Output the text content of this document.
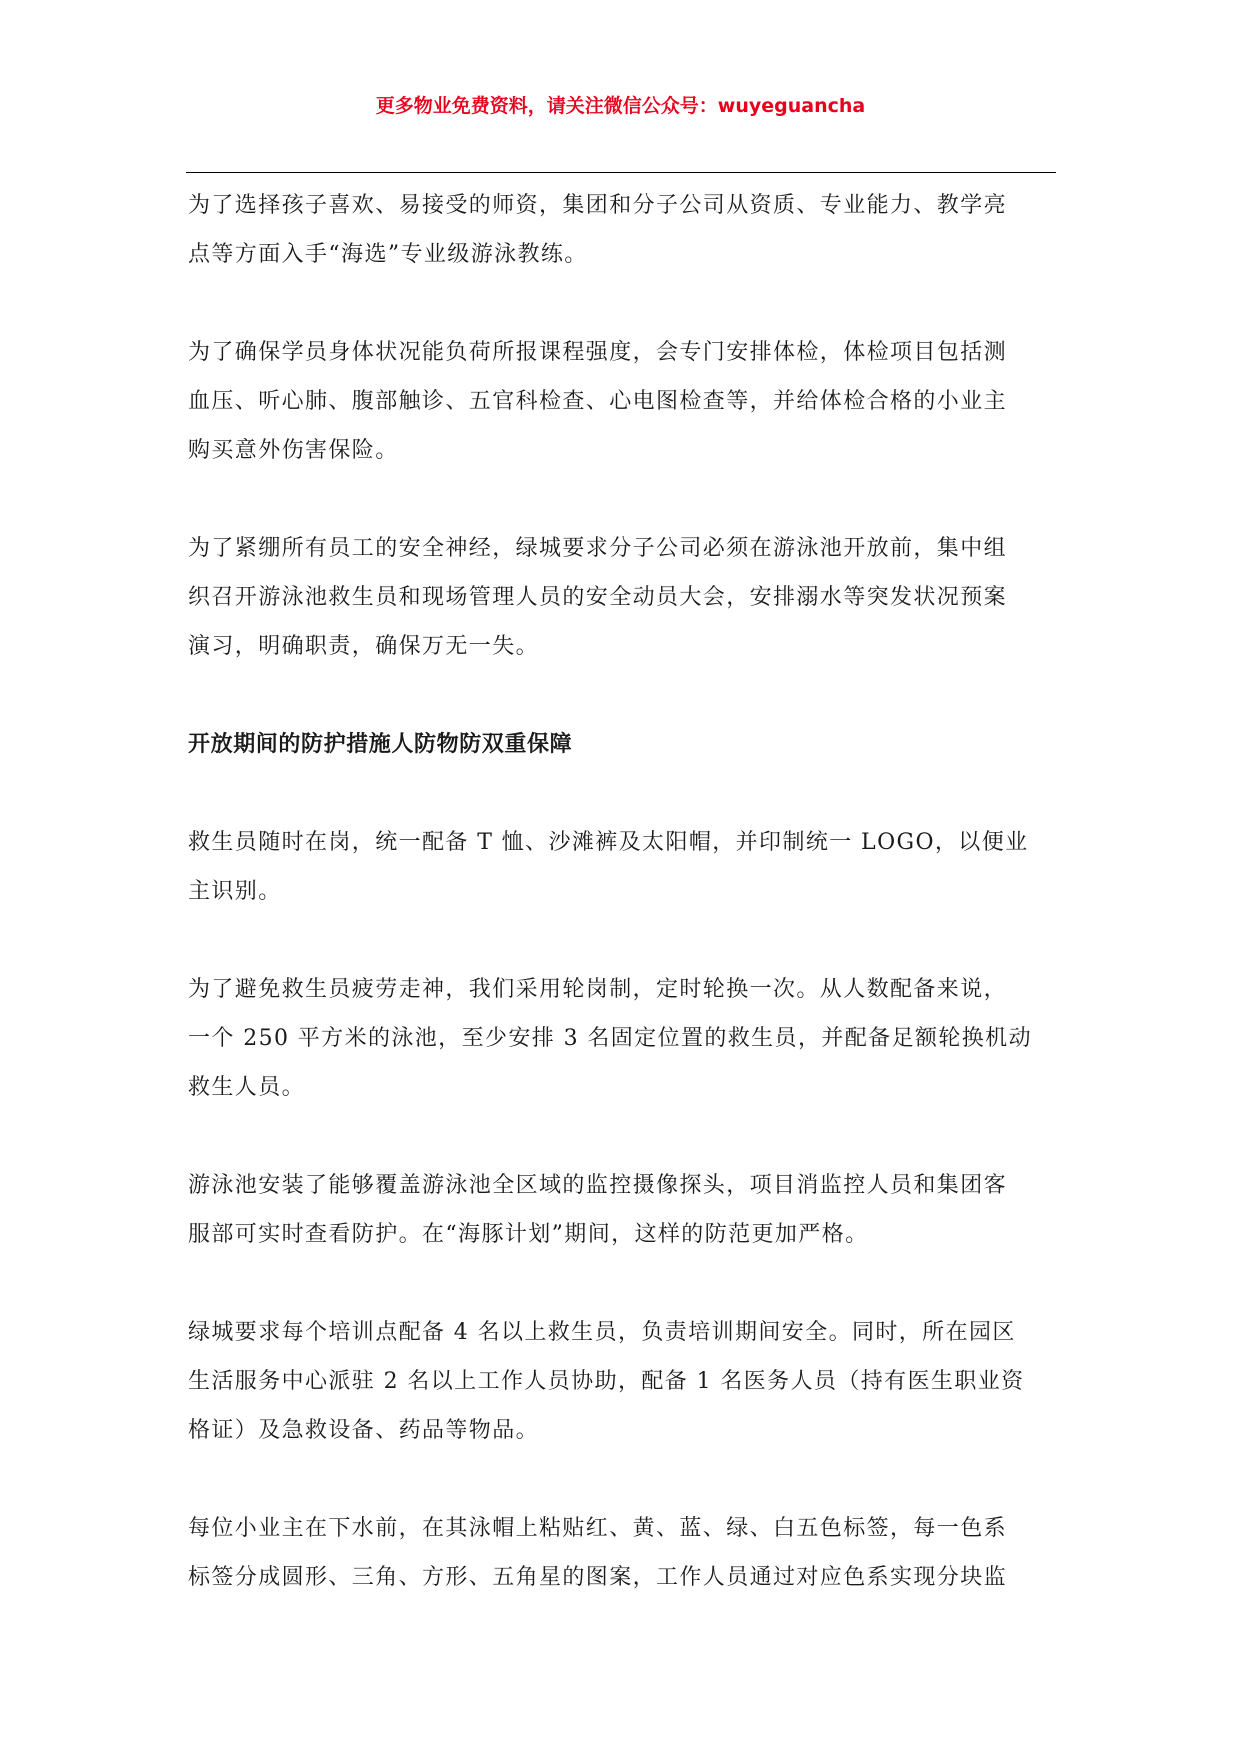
更多物业免费资料，请关注微信公众号：wuyeguancha

为了选择孩子喜欢、易接受的师资，集团和分子公司从资质、专业能力、教学亮
点等方面入手“海选”专业级游泳教练。

为了确保学员身体状况能负荷所报课程强度，会专门安排体检，体检项目包括测
血压、听心肺、腹部触诊、五官科检查、心电图检查等，并给体检合格的小业主
购买意外伤害保险。

为了紧绷所有员工的安全神经，绿城要求分子公司必须在游泳池开放前，集中组
织召开游泳池救生员和现场管理人员的安全动员大会，安排溺水等突发状况预案
演习，明确职责，确保万无一失。

开放期间的防护措施人防物防双重保障

救生员随时在岗，统一配备 T 恤、沙滩裤及太阳帽，并印制统一 LOGO，以便业
主识别。

为了避免救生员疲劳走神，我们采用轮岗制，定时轮换一次。从人数配备来说，
一个 250 平方米的泳池，至少安排 3 名固定位置的救生员，并配备足额轮换机动
救生人员。

游泳池安装了能够覆盖游泳池全区域的监控摄像探头，项目消监控人员和集团客
服部可实时查看防护。在“海豚计划”期间，这样的防范更加严格。

绿城要求每个培训点配备 4 名以上救生员，负责培训期间安全。同时，所在园区
生活服务中心派驻 2 名以上工作人员协助，配备 1 名医务人员（持有医生职业资
格证）及急救设备、药品等物品。

每位小业主在下水前，在其泳帽上粘贴红、黄、蓝、绿、白五色标签，每一色系
标签分成圆形、三角、方形、五角星的图案，工作人员通过对应色系实现分块监
